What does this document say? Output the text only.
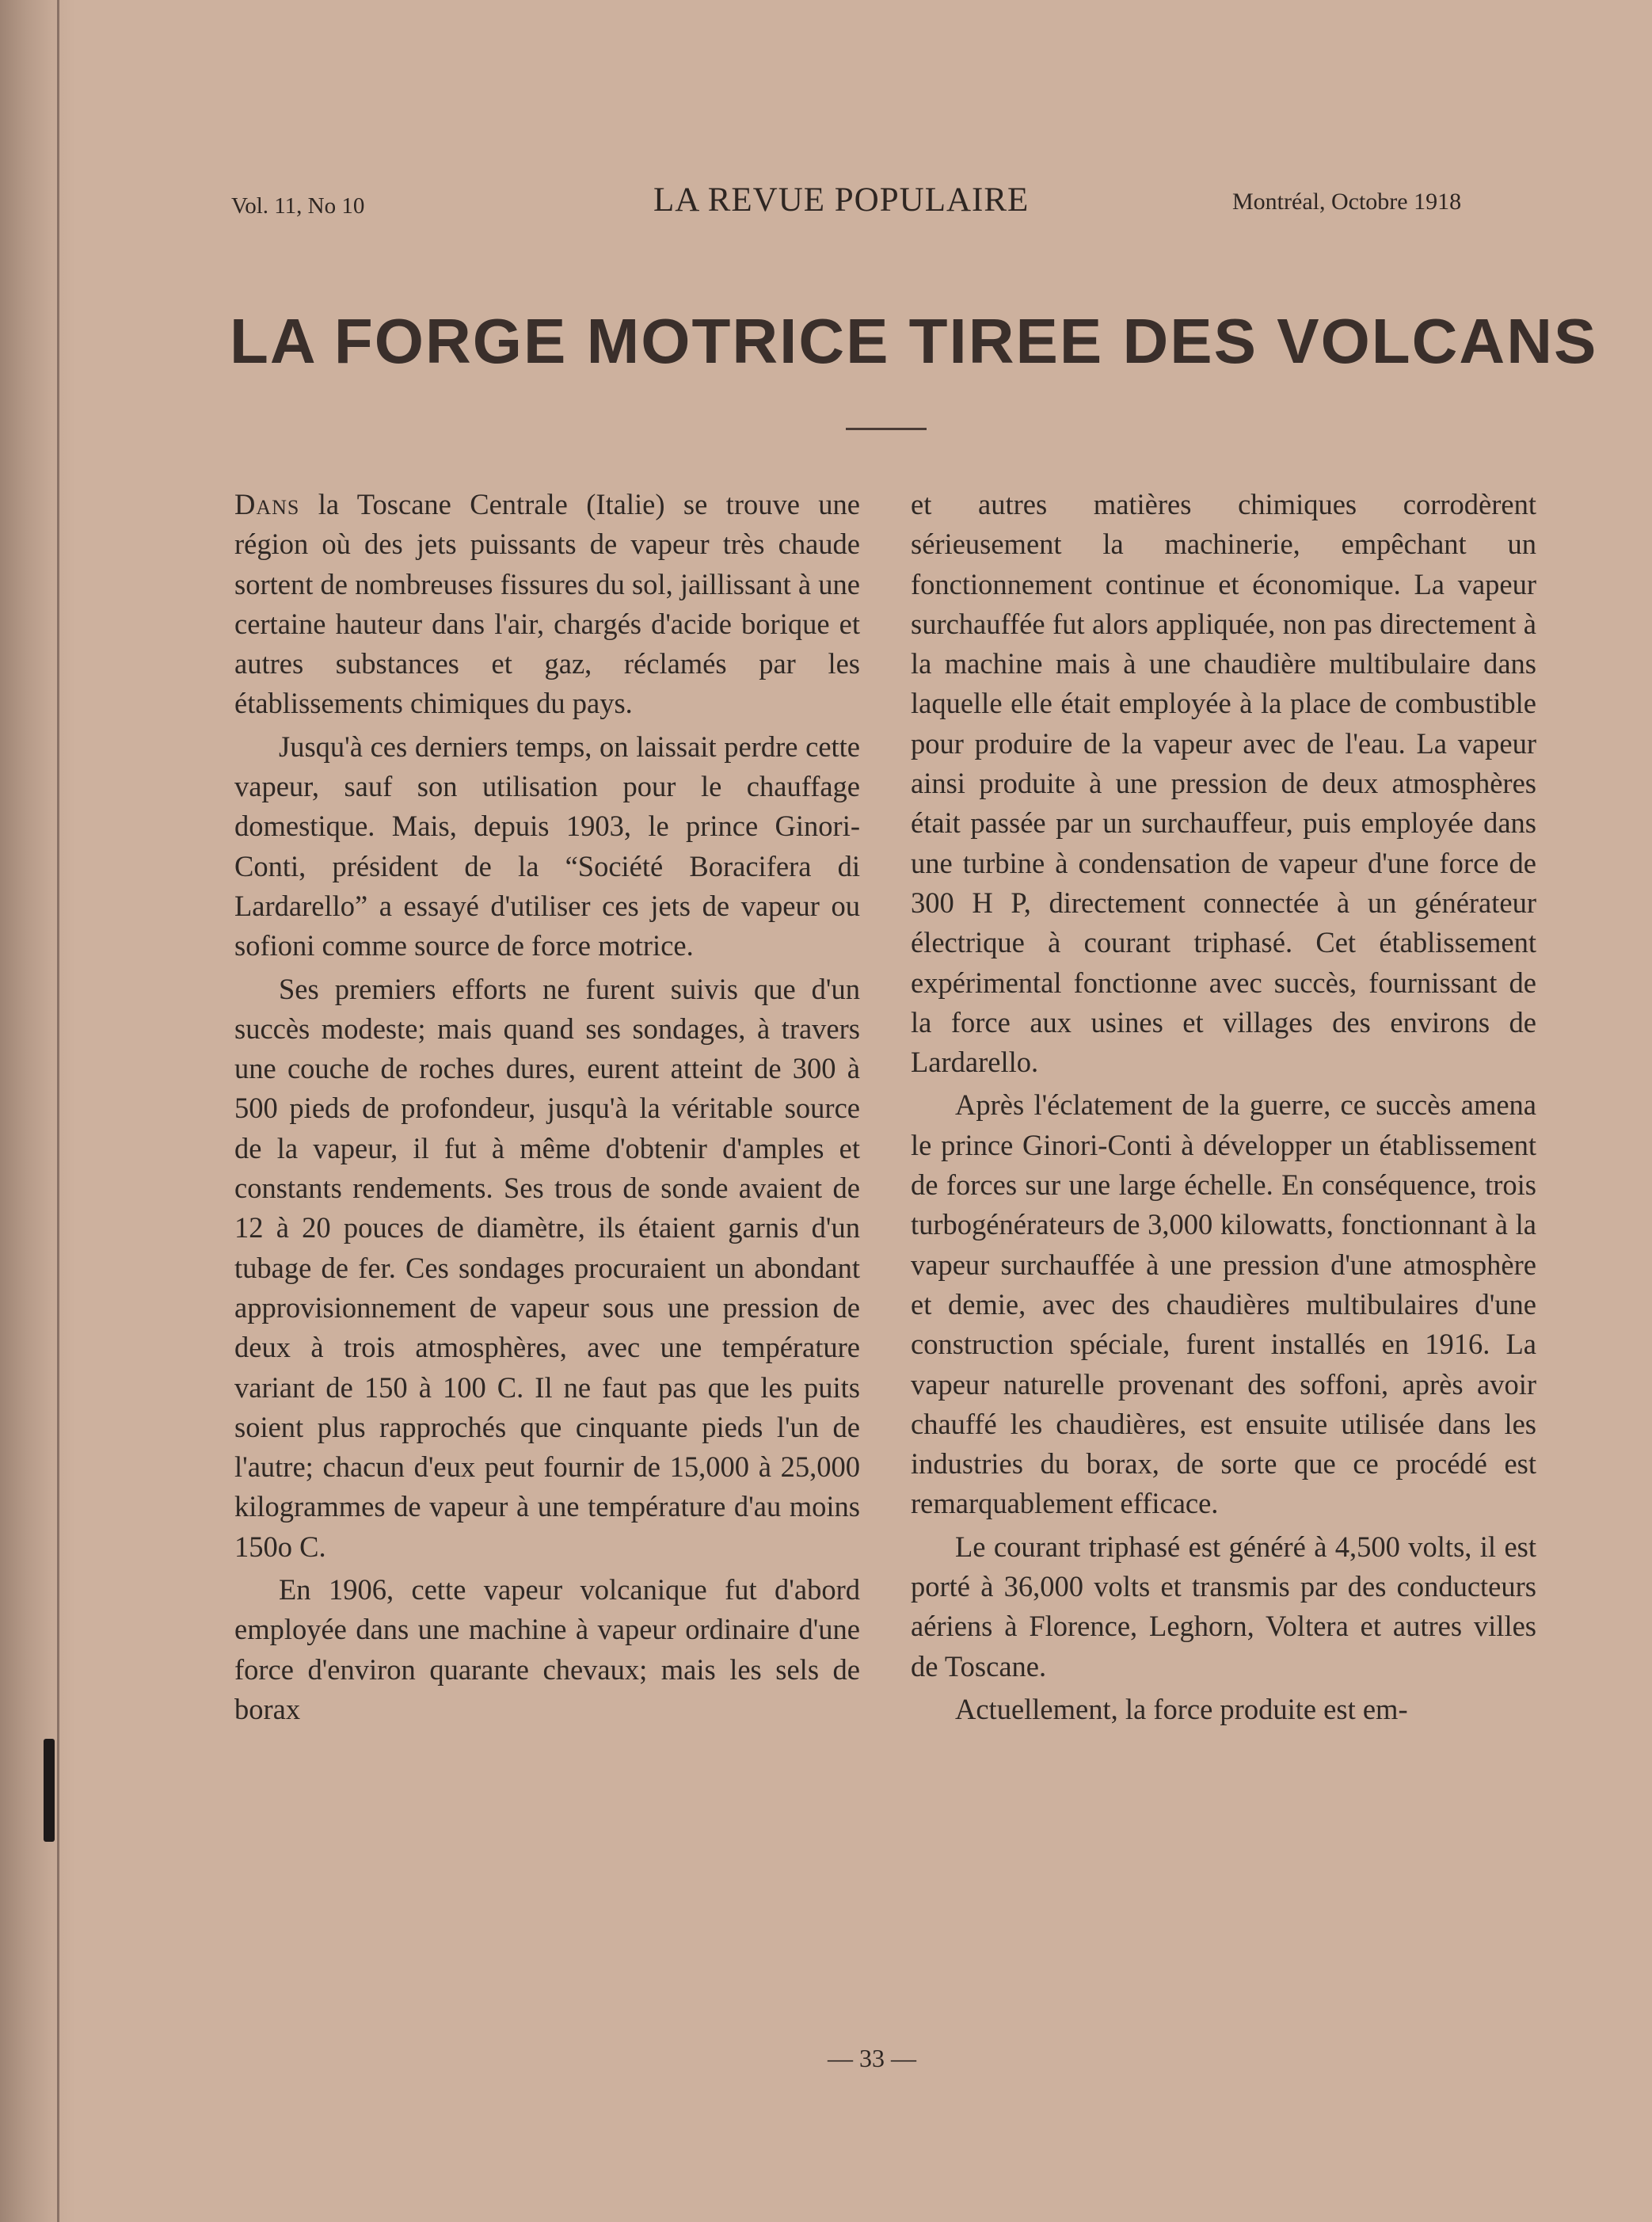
Vol. 11, No 10	LA REVUE POPULAIRE	Montréal, Octobre 1918
LA FORGE MOTRICE TIREE DES VOLCANS

Dans la Toscane Centrale (Italie) se trouve une région où des jets puissants de vapeur très chaude sortent de nombreuses fissures du sol, jaillissant à une certaine hauteur dans l'air, chargés d'acide borique et autres substances et gaz, réclamés par les établissements chimiques du pays.

Jusqu'à ces derniers temps, on laissait perdre cette vapeur, sauf son utilisation pour le chauffage domestique. Mais, depuis 1903, le prince Ginori-Conti, président de la “Société Boracifera di Lardarello” a essayé d'utiliser ces jets de vapeur ou sofioni comme source de force motrice.

Ses premiers efforts ne furent suivis que d'un succès modeste; mais quand ses sondages, à travers une couche de roches dures, eurent atteint de 300 à 500 pieds de profondeur, jusqu'à la véritable source de la vapeur, il fut à même d'obtenir d'amples et constants rendements. Ses trous de sonde avaient de 12 à 20 pouces de diamètre, ils étaient garnis d'un tubage de fer. Ces sondages procuraient un abondant approvisionnement de vapeur sous une pression de deux à trois atmosphères, avec une température variant de 150 à 100 C. Il ne faut pas que les puits soient plus rapprochés que cinquante pieds l'un de l'autre; chacun d'eux peut fournir de 15,000 à 25,000 kilogrammes de vapeur à une température d'au moins 150o C.

En 1906, cette vapeur volcanique fut d'abord employée dans une machine à vapeur ordinaire d'une force d'environ quarante chevaux; mais les sels de borax

et autres matières chimiques corrodèrent sérieusement la machinerie, empêchant un fonctionnement continue et économique. La vapeur surchauffée fut alors appliquée, non pas directement à la machine mais à une chaudière multibulaire dans laquelle elle était employée à la place de combustible pour produire de la vapeur avec de l'eau. La vapeur ainsi produite à une pression de deux atmosphères était passée par un surchauffeur, puis employée dans une turbine à condensation de vapeur d'une force de 300 H P, directement connectée à un générateur électrique à courant triphasé. Cet établissement expérimental fonctionne avec succès, fournissant de la force aux usines et villages des environs de Lardarello.

Après l'éclatement de la guerre, ce succès amena le prince Ginori-Conti à développer un établissement de forces sur une large échelle. En conséquence, trois turbogénérateurs de 3,000 kilowatts, fonctionnant à la vapeur surchauffée à une pression d'une atmosphère et demie, avec des chaudières multibulaires d'une construction spéciale, furent installés en 1916. La vapeur naturelle provenant des soffoni, après avoir chauffé les chaudières, est ensuite utilisée dans les industries du borax, de sorte que ce procédé est remarquablement efficace.

Le courant triphasé est généré à 4,500 volts, il est porté à 36,000 volts et transmis par des conducteurs aériens à Florence, Leghorn, Voltera et autres villes de Toscane.

Actuellement, la force produite est em-

— 33 —
